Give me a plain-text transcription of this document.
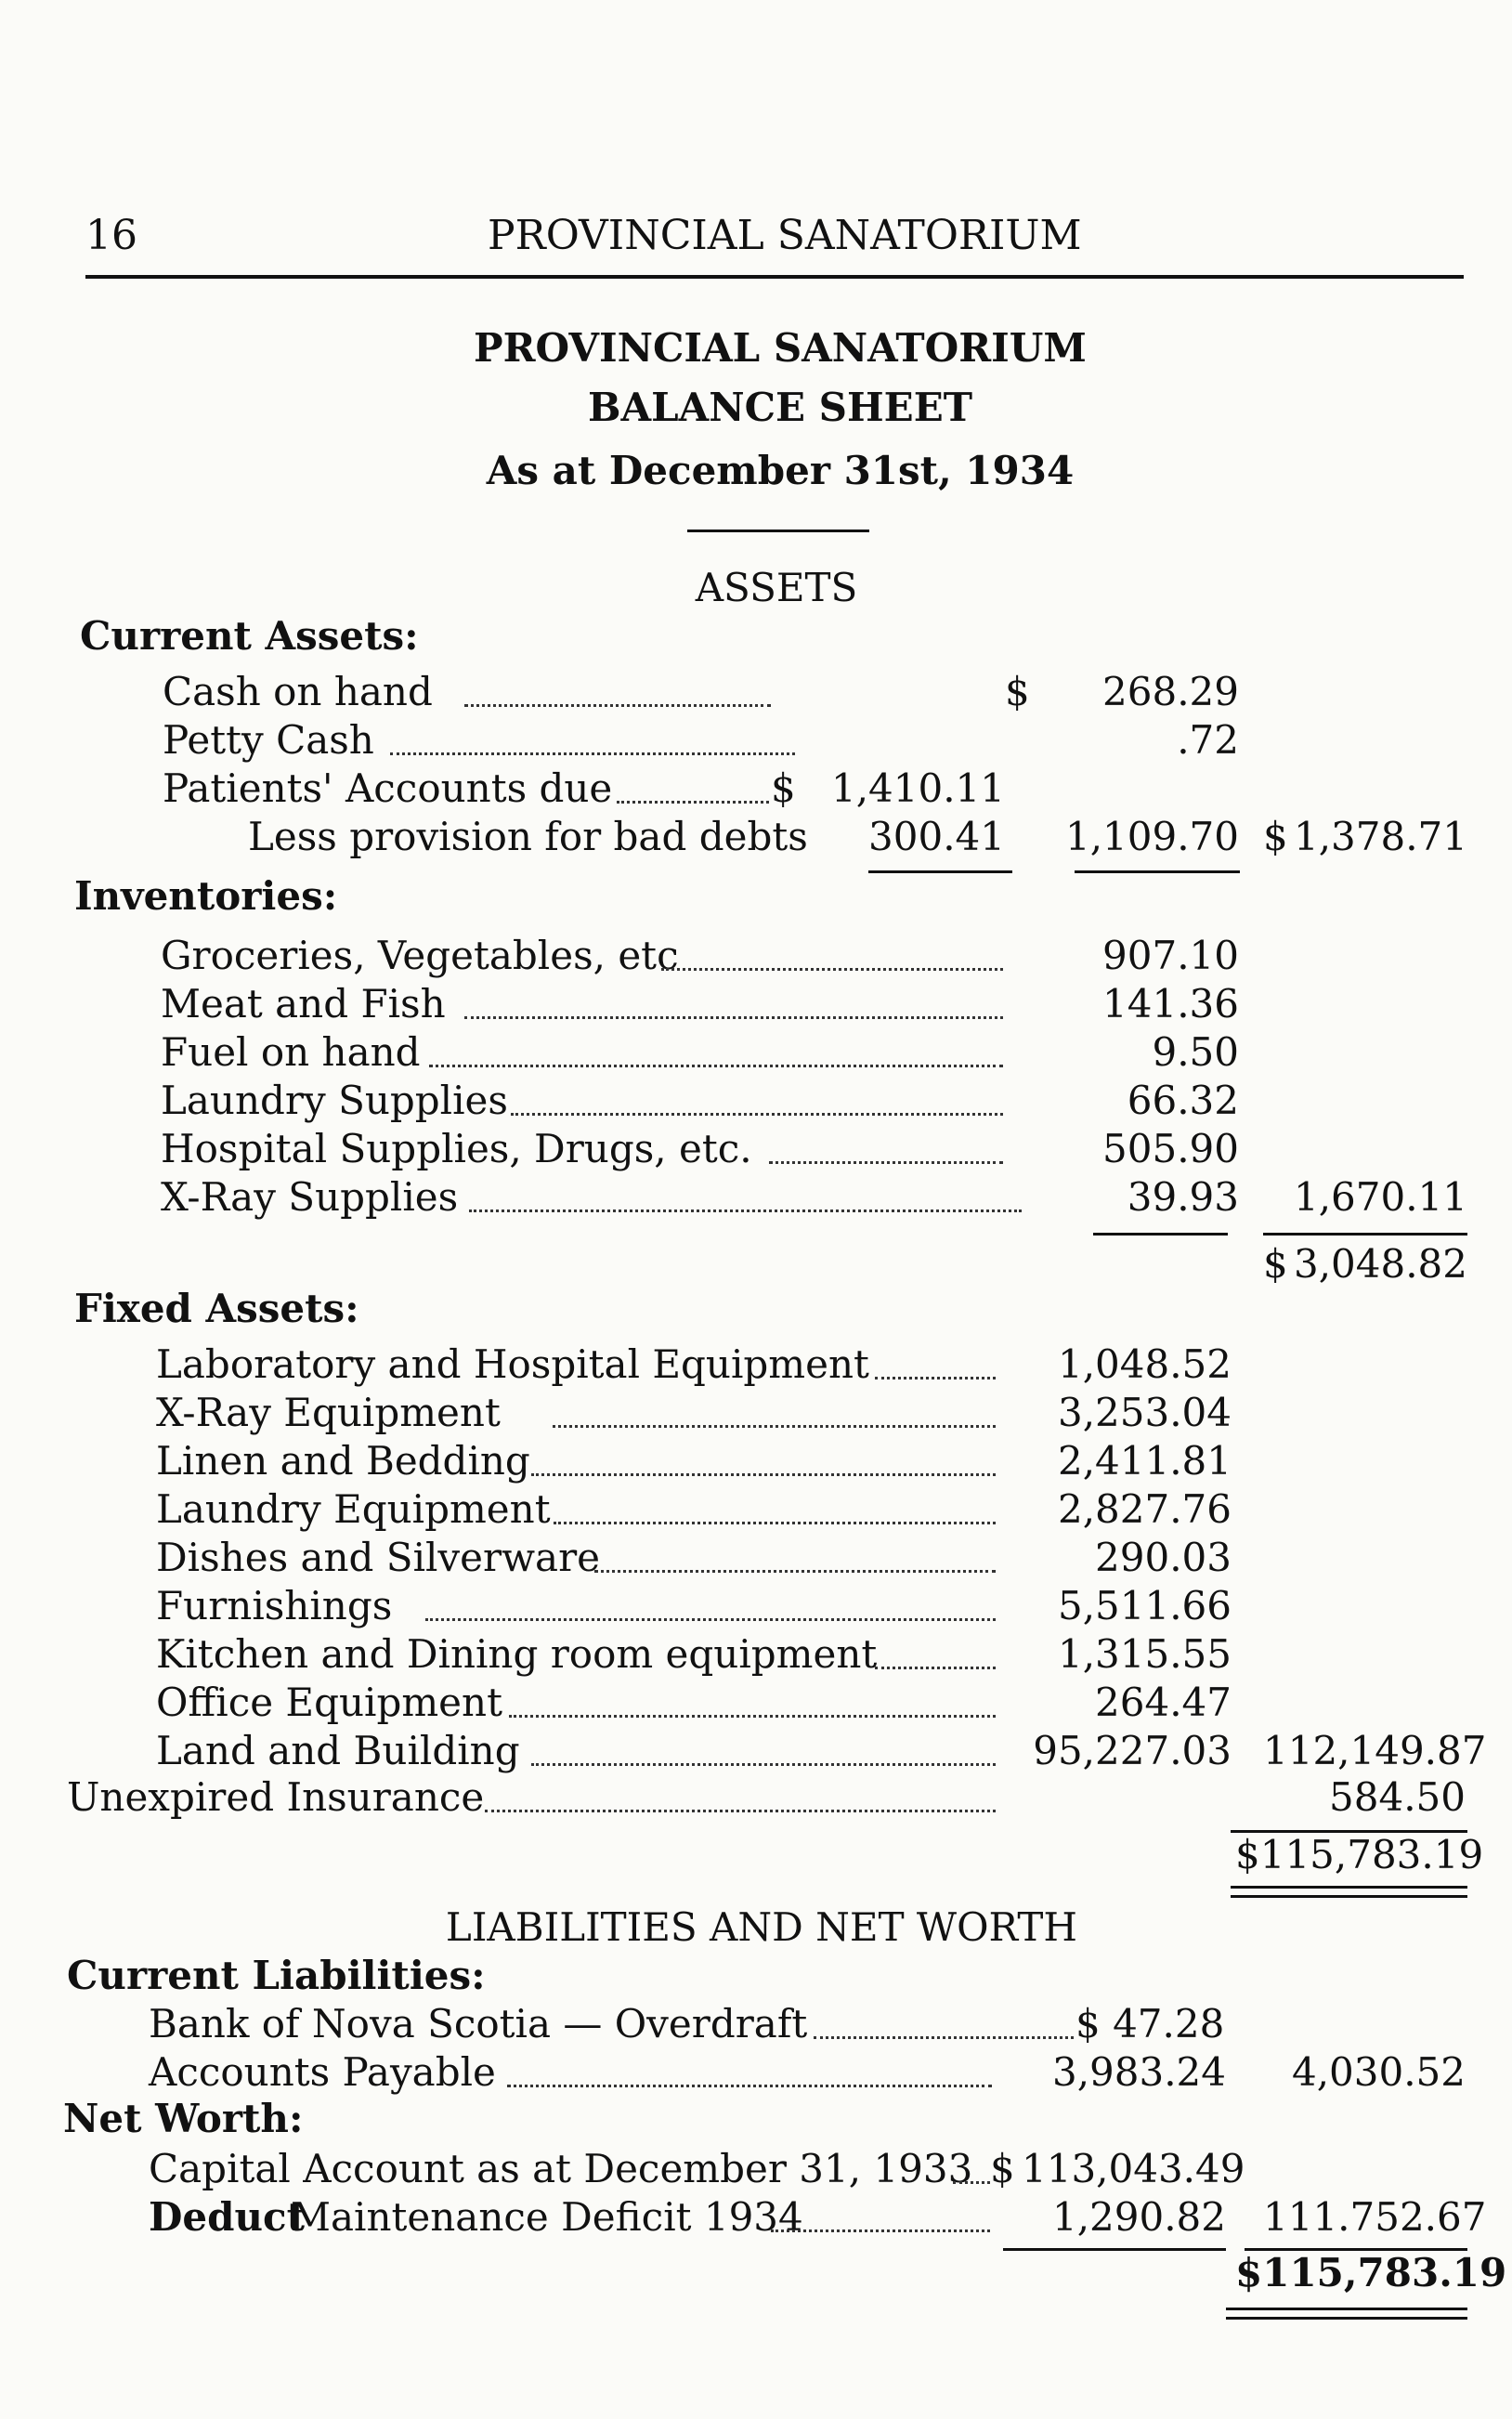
16	PROVINCIAL SANATORIUM
PROVINCIAL SANATORIUM
BALANCE SHEET
As at December 31st, 1934
ASSETS
Current Assets:
Cash on hand	$	268.29
Petty Cash	.72
Patients' Accounts due	$ 1,410.11
Less provision for bad debts	300.41	1,109.70 $ 1,378.71
Inventories:
Groceries, Vegetables, etc	907.10
Meat and Fish	141.36
Fuel on hand	9.50
Laundry Supplies	66.32
Hospital Supplies, Drugs, etc.	505.90
X-Ray Supplies	39.93	1,670.11
$ 3,048.82
Fixed Assets:
Laboratory and Hospital Equipment	1,048.52
X-Ray Equipment	3,253.04
Linen and Bedding	2,411.81
Laundry Equipment	2,827.76
Dishes and Silverware	290.03
Furnishings	5,511.66
Kitchen and Dining room equipment	1,315.55
Office Equipment	264.47
Land and Building	95,227.03 112,149.87
Unexpired Insurance	584.50
$115,783.19
LIABILITIES AND NET WORTH
Current Liabilities:
Bank of Nova Scotia — Overdraft	$ 47.28
Accounts Payable	3,983.24	4,030.52
Net Worth:
Capital Account as at December 31, 1933 $ 113,043.49
Deduct
Maintenance Deficit 1934	1,290.82 111.752.67
$115,783.19
